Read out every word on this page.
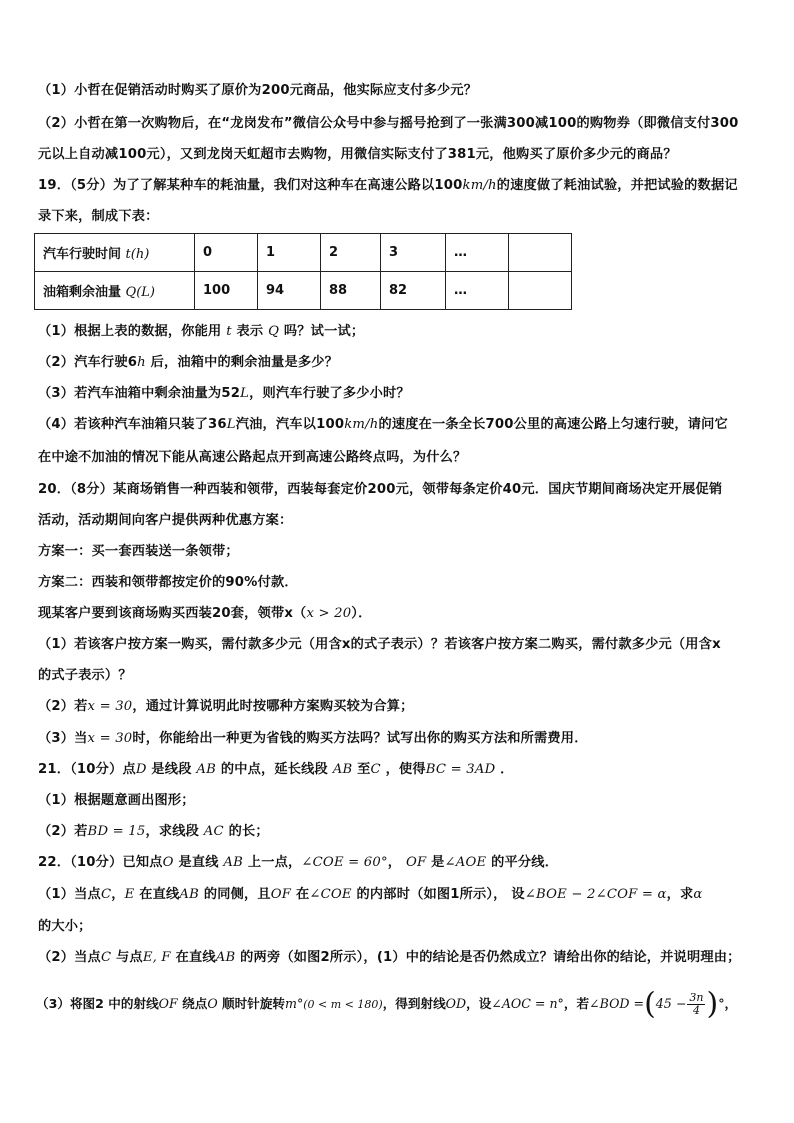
（1）小哲在促销活动时购买了原价为200元商品，他实际应支付多少元？
（2）小哲在第一次购物后，在“龙岗发布”微信公众号中参与摇号抢到了一张满300减100的购物券（即微信支付300
元以上自动减100元），又到龙岗天虹超市去购物，用微信实际支付了381元，他购买了原价多少元的商品？
19．（5分）为了了解某种车的耗油量，我们对这种车在高速公路以100km/h的速度做了耗油试验，并把试验的数据记
录下来，制成下表：
汽车行驶时间 t(h)	0	1	2	3	…	
油箱剩余油量 Q(L)	100	94	88	82	…	
（1）根据上表的数据，你能用 t 表示 Q 吗？试一试；
（2）汽车行驶6h 后，油箱中的剩余油量是多少？
（3）若汽车油箱中剩余油量为52L，则汽车行驶了多少小时？
（4）若该种汽车油箱只装了36L汽油，汽车以100km/h的速度在一条全长700公里的高速公路上匀速行驶，请问它
在中途不加油的情况下能从高速公路起点开到高速公路终点吗，为什么？
20．（8分）某商场销售一种西装和领带，西装每套定价200元，领带每条定价40元．国庆节期间商场决定开展促销
活动，活动期间向客户提供两种优惠方案：
方案一：买一套西装送一条领带；
方案二：西装和领带都按定价的90%付款．
现某客户要到该商场购买西装20套，领带x（x > 20）．
（1）若该客户按方案一购买，需付款多少元（用含x的式子表示）？若该客户按方案二购买，需付款多少元（用含x
的式子表示）？
（2）若x = 30，通过计算说明此时按哪种方案购买较为合算；
（3）当x = 30时，你能给出一种更为省钱的购买方法吗？试写出你的购买方法和所需费用．
21．（10分）点D 是线段 AB 的中点，延长线段 AB 至C ，使得BC = 3AD ．
（1）根据题意画出图形；
（2）若BD = 15，求线段 AC 的长；
22．（10分）已知点O 是直线 AB 上一点，∠COE = 60°， OF 是∠AOE 的平分线．
（1）当点C，E 在直线AB 的同侧，且OF 在∠COE 的内部时（如图1所示）， 设∠BOE − 2∠COF = α，求α
的大小；
（2）当点C 与点E, F 在直线AB 的两旁（如图2所示），(1）中的结论是否仍然成立？请给出你的结论，并说明理由；
（3）将图2 中的射线OF 绕点O 顺时针旋转m°(0 < m < 180)，得到射线OD，设∠AOC = n°，若∠BOD $=(45 - \frac{3n}{4}$ )°，
